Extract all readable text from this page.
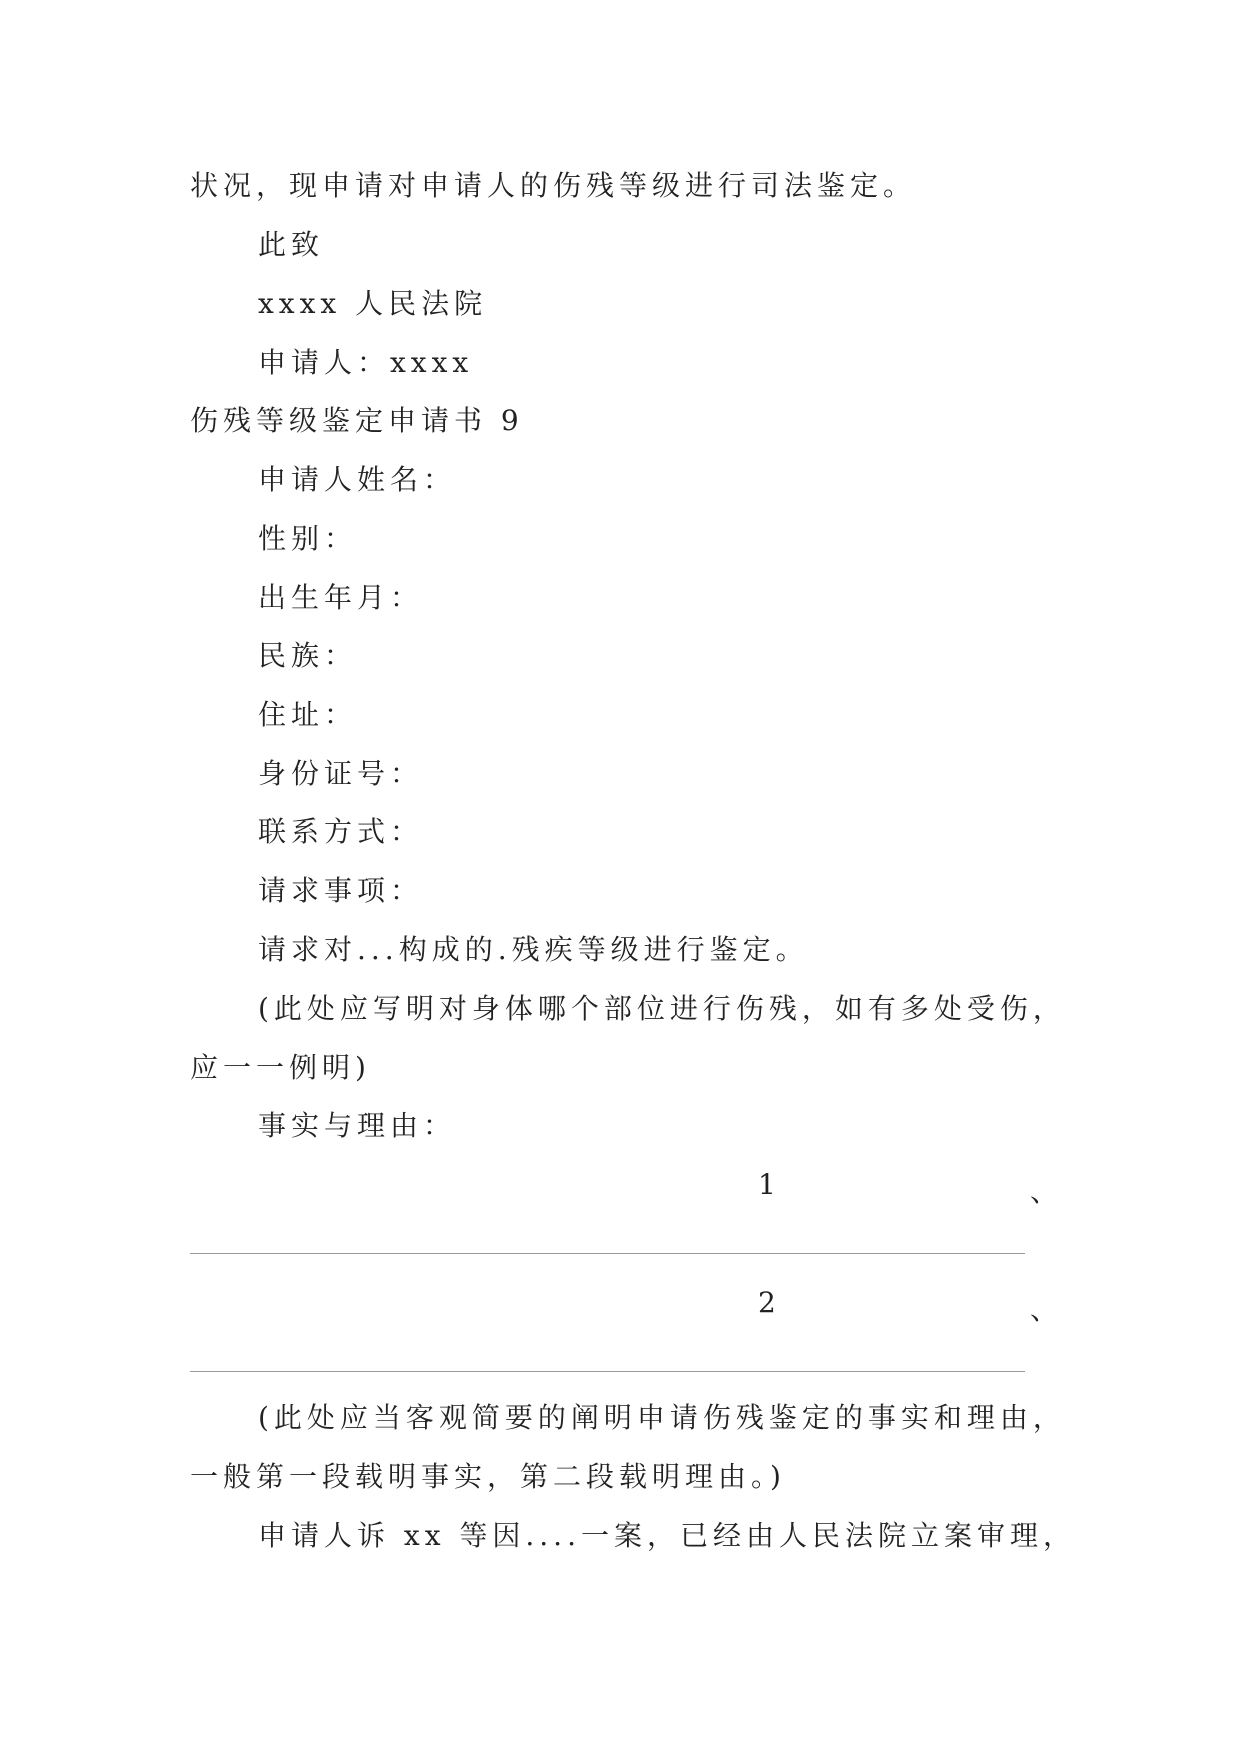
状况，现申请对申请人的伤残等级进行司法鉴定。
此致
xxxx 人民法院
申请人：xxxx
伤残等级鉴定申请书 9
申请人姓名：
性别：
出生年月：
民族：
住址：
身份证号：
联系方式：
请求事项：
请求对...构成的.残疾等级进行鉴定。
(此处应写明对身体哪个部位进行伤残，如有多处受伤，
应一一例明)
事实与理由：
1	、
2	、
(此处应当客观简要的阐明申请伤残鉴定的事实和理由，
一般第一段载明事实，第二段载明理由。)
申请人诉 xx 等因....一案，已经由人民法院立案审理，
